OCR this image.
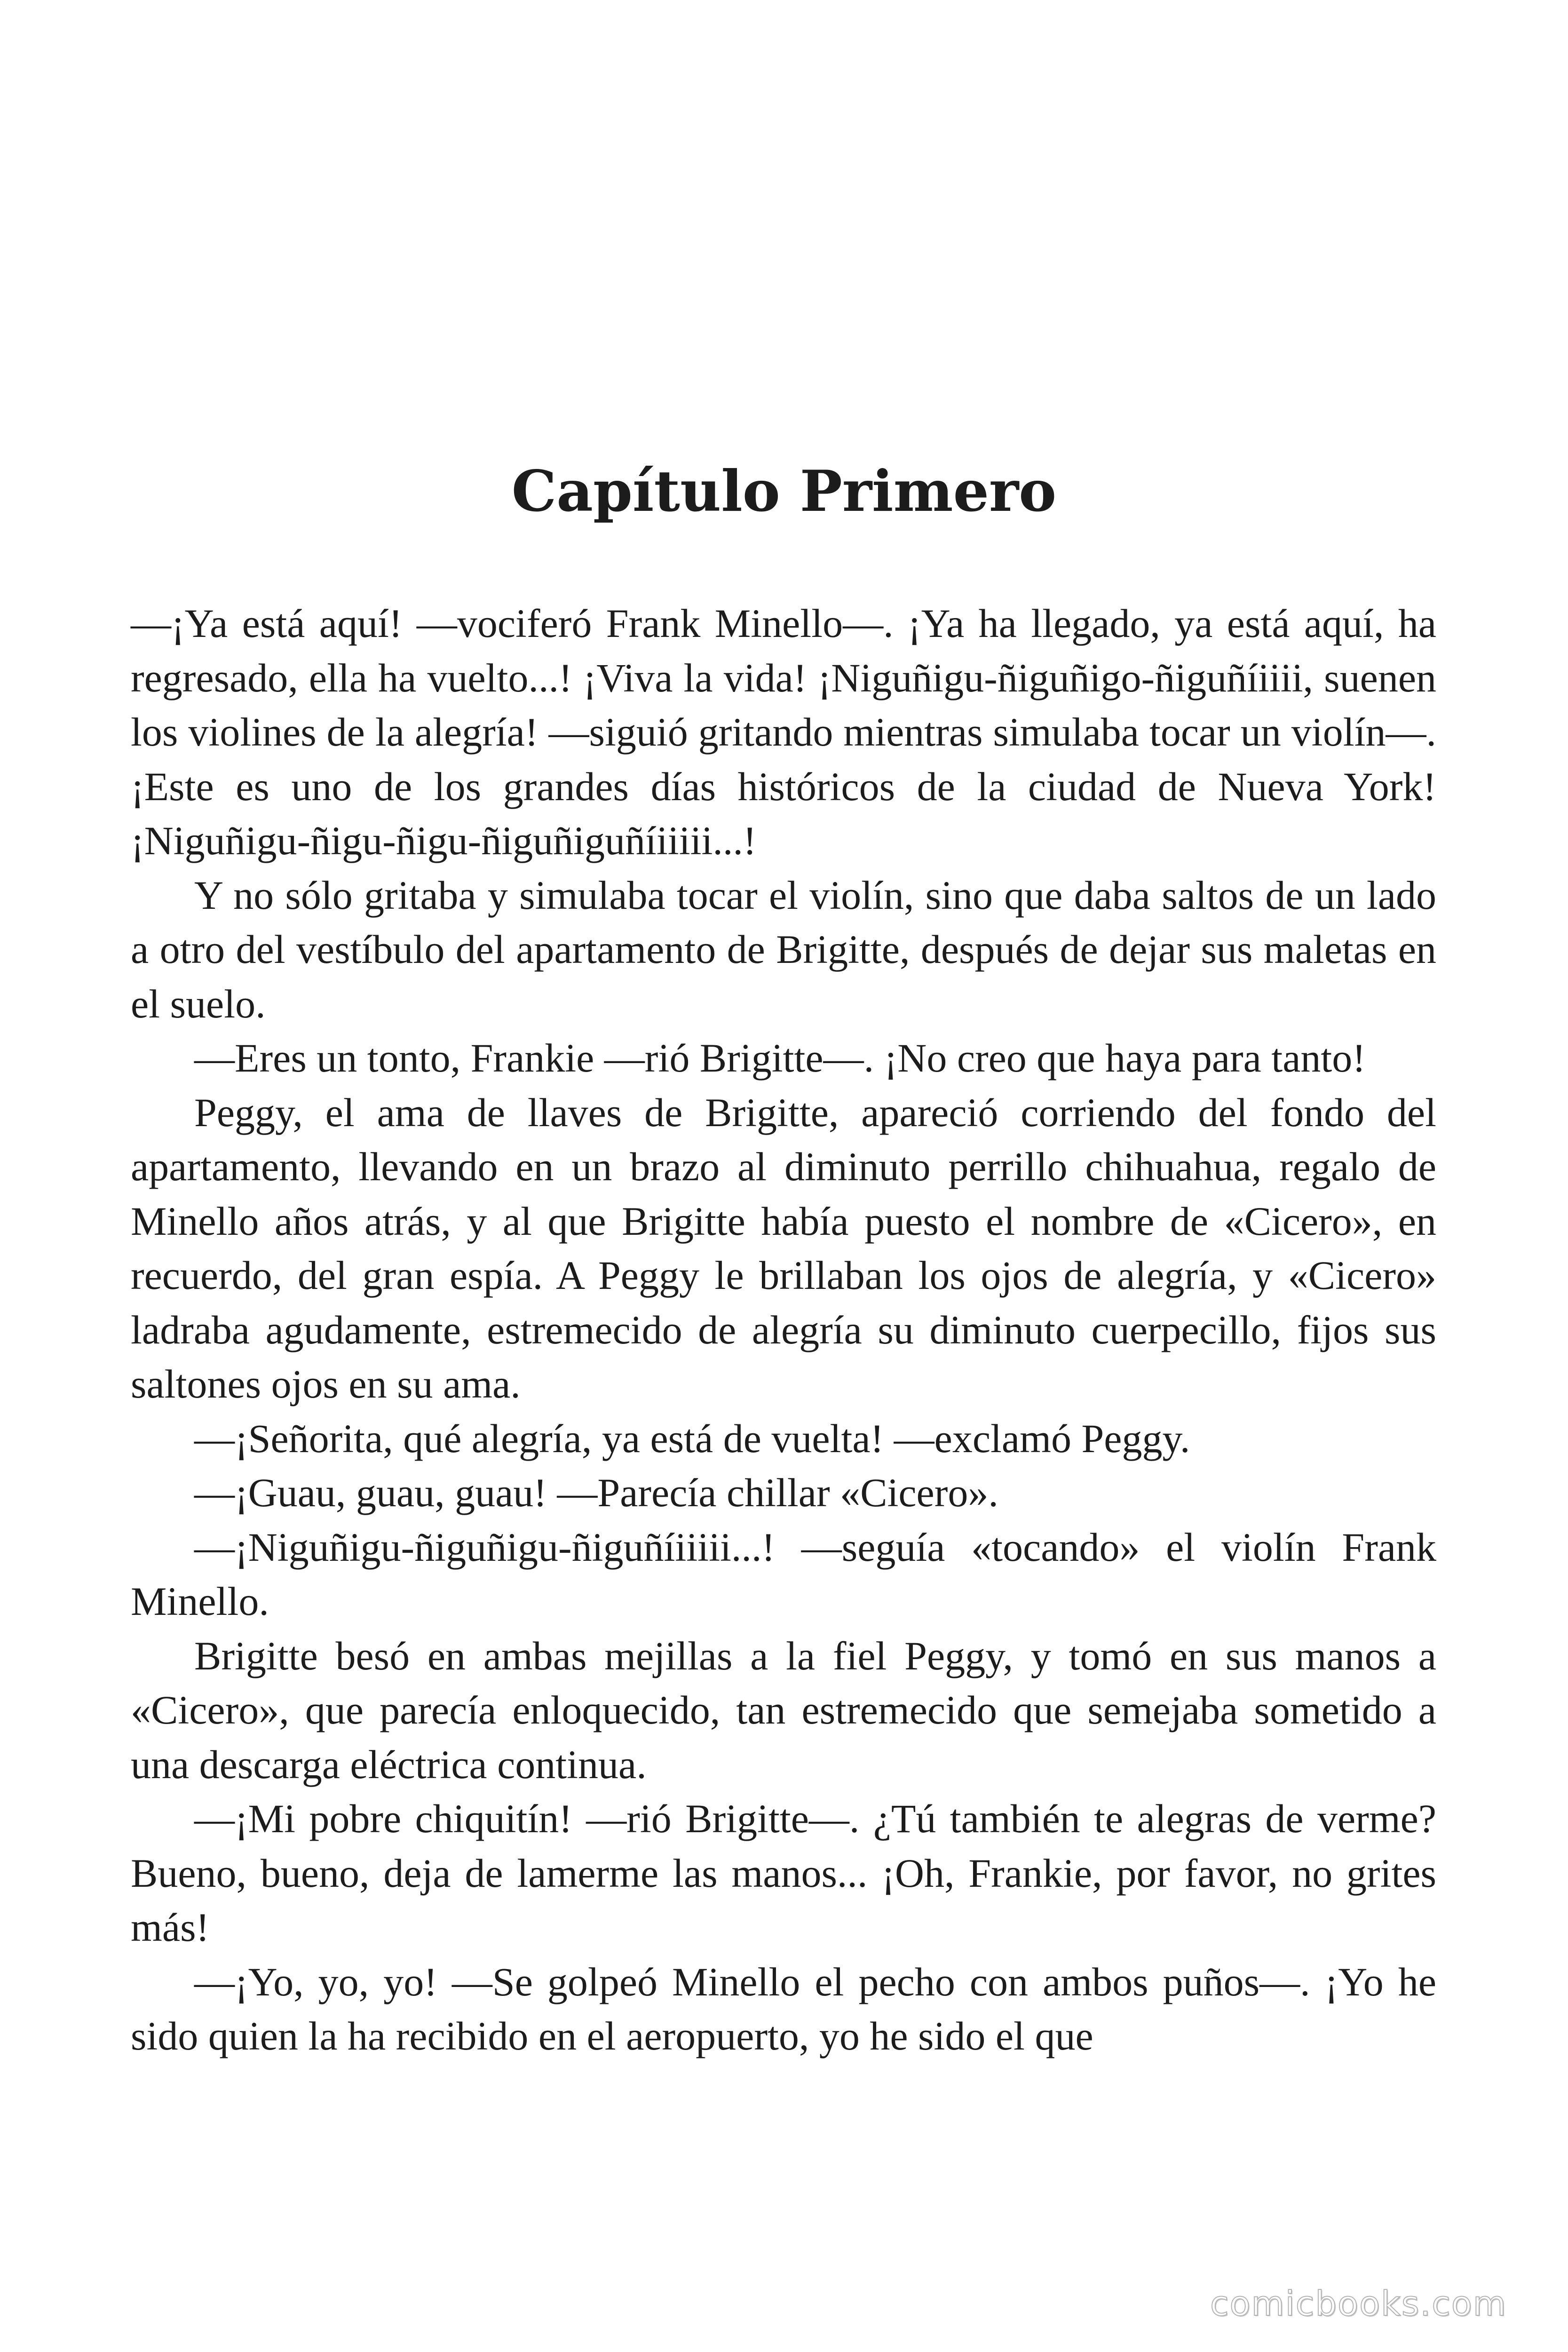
Capítulo Primero

—¡Ya está aquí! —vociferó Frank Minello—. ¡Ya ha llegado, ya está aquí, ha regresado, ella ha vuelto...! ¡Viva la vida! ¡Niguñigu-ñiguñigo-ñiguñíiiii, suenen los violines de la alegría! —siguió gritando mientras simulaba tocar un violín—. ¡Este es uno de los grandes días históricos de la ciudad de Nueva York! ¡Niguñigu-ñigu-ñigu-ñiguñiguñíiiiii...!

Y no sólo gritaba y simulaba tocar el violín, sino que daba saltos de un lado a otro del vestíbulo del apartamento de Brigitte, después de dejar sus maletas en el suelo.

—Eres un tonto, Frankie —rió Brigitte—. ¡No creo que haya para tanto!

Peggy, el ama de llaves de Brigitte, apareció corriendo del fondo del apartamento, llevando en un brazo al diminuto perrillo chihuahua, regalo de Minello años atrás, y al que Brigitte había puesto el nombre de «Cicero», en recuerdo, del gran espía. A Peggy le brillaban los ojos de alegría, y «Cicero» ladraba agudamente, estremecido de alegría su diminuto cuerpecillo, fijos sus saltones ojos en su ama.

—¡Señorita, qué alegría, ya está de vuelta! —exclamó Peggy.

—¡Guau, guau, guau! —Parecía chillar «Cicero».

—¡Niguñigu-ñiguñigu-ñiguñíiiiii...! —seguía «tocando» el violín Frank Minello.

Brigitte besó en ambas mejillas a la fiel Peggy, y tomó en sus manos a «Cicero», que parecía enloquecido, tan estremecido que semejaba sometido a una descarga eléctrica continua.

—¡Mi pobre chiquitín! —rió Brigitte—. ¿Tú también te alegras de verme? Bueno, bueno, deja de lamerme las manos... ¡Oh, Frankie, por favor, no grites más!

—¡Yo, yo, yo! —Se golpeó Minello el pecho con ambos puños—. ¡Yo he sido quien la ha recibido en el aeropuerto, yo he sido el que

comicbooks.com
